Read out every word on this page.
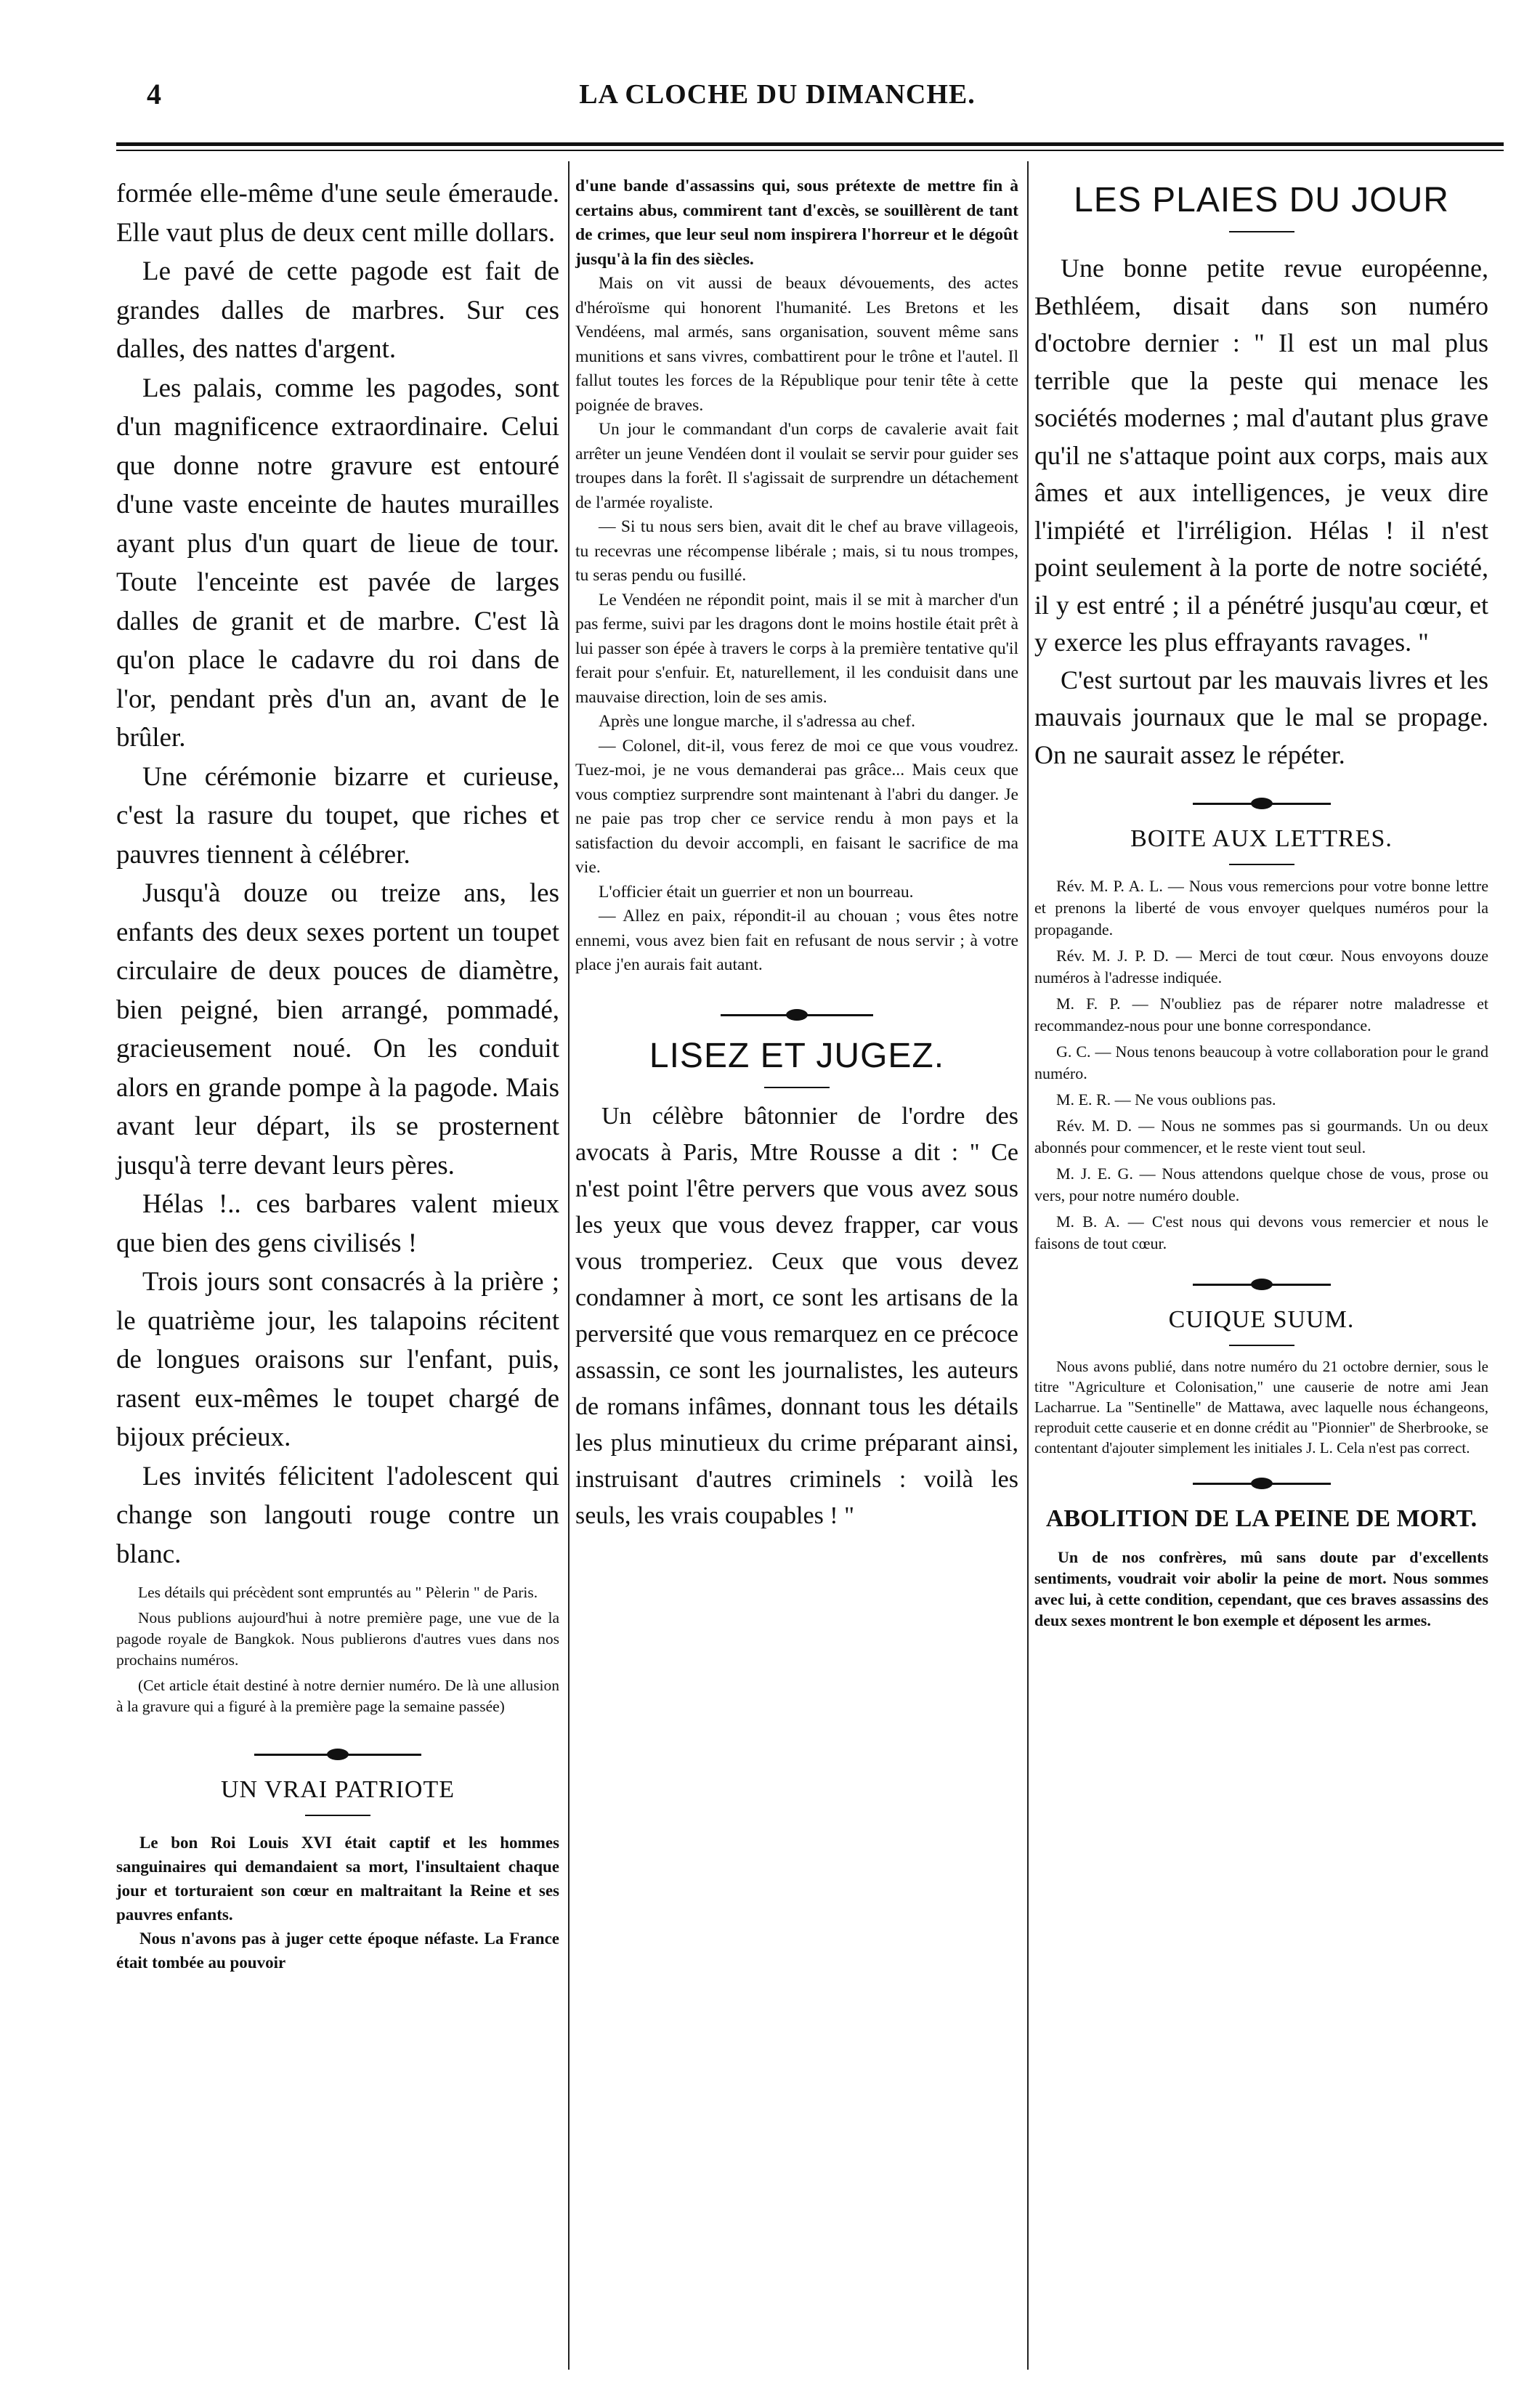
4	LA CLOCHE DU DIMANCHE.

formée elle-même d'une seule émeraude. Elle vaut plus de deux cent mille dollars.

Le pavé de cette pagode est fait de grandes dalles de marbres. Sur ces dalles, des nattes d'argent.

Les palais, comme les pagodes, sont d'un magnificence extraordinaire. Celui que donne notre gravure est entouré d'une vaste enceinte de hautes murailles ayant plus d'un quart de lieue de tour. Toute l'enceinte est pavée de larges dalles de granit et de marbre. C'est là qu'on place le cadavre du roi dans de l'or, pendant près d'un an, avant de le brûler.

Une cérémonie bizarre et curieuse, c'est la rasure du toupet, que riches et pauvres tiennent à célébrer.

Jusqu'à douze ou treize ans, les enfants des deux sexes portent un toupet circulaire de deux pouces de diamètre, bien peigné, bien arrangé, pommadé, gracieusement noué. On les conduit alors en grande pompe à la pagode. Mais avant leur départ, ils se prosternent jusqu'à terre devant leurs pères.

Hélas !.. ces barbares valent mieux que bien des gens civilisés !

Trois jours sont consacrés à la prière ; le quatrième jour, les talapoins récitent de longues oraisons sur l'enfant, puis, rasent eux-mêmes le toupet chargé de bijoux précieux.

Les invités félicitent l'adolescent qui change son langouti rouge contre un blanc.

Les détails qui précèdent sont empruntés au " Pèlerin " de Paris.

Nous publions aujourd'hui à notre première page, une vue de la pagode royale de Bangkok. Nous publierons d'autres vues dans nos prochains numéros.

(Cet article était destiné à notre dernier numéro. De là une allusion à la gravure qui a figuré à la première page la semaine passée)

UN VRAI PATRIOTE

Le bon Roi Louis XVI était captif et les hommes sanguinaires qui demandaient sa mort, l'insultaient chaque jour et torturaient son cœur en maltraitant la Reine et ses pauvres enfants.

Nous n'avons pas à juger cette époque néfaste. La France était tombée au pouvoir

d'une bande d'assassins qui, sous prétexte de mettre fin à certains abus, commirent tant d'excès, se souillèrent de tant de crimes, que leur seul nom inspirera l'horreur et le dégoût jusqu'à la fin des siècles.

Mais on vit aussi de beaux dévouements, des actes d'héroïsme qui honorent l'humanité. Les Bretons et les Vendéens, mal armés, sans organisation, souvent même sans munitions et sans vivres, combattirent pour le trône et l'autel. Il fallut toutes les forces de la République pour tenir tête à cette poignée de braves.

Un jour le commandant d'un corps de cavalerie avait fait arrêter un jeune Vendéen dont il voulait se servir pour guider ses troupes dans la forêt. Il s'agissait de surprendre un détachement de l'armée royaliste.

— Si tu nous sers bien, avait dit le chef au brave villageois, tu recevras une récompense libérale ; mais, si tu nous trompes, tu seras pendu ou fusillé.

Le Vendéen ne répondit point, mais il se mit à marcher d'un pas ferme, suivi par les dragons dont le moins hostile était prêt à lui passer son épée à travers le corps à la première tentative qu'il ferait pour s'enfuir. Et, naturellement, il les conduisit dans une mauvaise direction, loin de ses amis.

Après une longue marche, il s'adressa au chef.

— Colonel, dit-il, vous ferez de moi ce que vous voudrez. Tuez-moi, je ne vous demanderai pas grâce... Mais ceux que vous comptiez surprendre sont maintenant à l'abri du danger. Je ne paie pas trop cher ce service rendu à mon pays et la satisfaction du devoir accompli, en faisant le sacrifice de ma vie.

L'officier était un guerrier et non un bourreau.

— Allez en paix, répondit-il au chouan ; vous êtes notre ennemi, vous avez bien fait en refusant de nous servir ; à votre place j'en aurais fait autant.

LISEZ ET JUGEZ.

Un célèbre bâtonnier de l'ordre des avocats à Paris, Mtre Rousse a dit : " Ce n'est point l'être pervers que vous avez sous les yeux que vous devez frapper, car vous vous tromperiez. Ceux que vous devez condamner à mort, ce sont les artisans de la perversité que vous remarquez en ce précoce assassin, ce sont les journalistes, les auteurs de romans infâmes, donnant tous les détails les plus minutieux du crime préparant ainsi, instruisant d'autres criminels : voilà les seuls, les vrais coupables ! "

LES PLAIES DU JOUR

Une bonne petite revue européenne, Bethléem, disait dans son numéro d'octobre dernier : " Il est un mal plus terrible que la peste qui menace les sociétés modernes ; mal d'autant plus grave qu'il ne s'attaque point aux corps, mais aux âmes et aux intelligences, je veux dire l'impiété et l'irréligion. Hélas ! il n'est point seulement à la porte de notre société, il y est entré ; il a pénétré jusqu'au cœur, et y exerce les plus effrayants ravages. "

C'est surtout par les mauvais livres et les mauvais journaux que le mal se propage. On ne saurait assez le répéter.

BOITE AUX LETTRES.

Rév. M. P. A. L. — Nous vous remercions pour votre bonne lettre et prenons la liberté de vous envoyer quelques numéros pour la propagande.

Rév. M. J. P. D. — Merci de tout cœur. Nous envoyons douze numéros à l'adresse indiquée.

M. F. P. — N'oubliez pas de réparer notre maladresse et recommandez-nous pour une bonne correspondance.

G. C. — Nous tenons beaucoup à votre collaboration pour le grand numéro.

M. E. R. — Ne vous oublions pas.

Rév. M. D. — Nous ne sommes pas si gourmands. Un ou deux abonnés pour commencer, et le reste vient tout seul.

M. J. E. G. — Nous attendons quelque chose de vous, prose ou vers, pour notre numéro double.

M. B. A. — C'est nous qui devons vous remercier et nous le faisons de tout cœur.

CUIQUE SUUM.

Nous avons publié, dans notre numéro du 21 octobre dernier, sous le titre "Agriculture et Colonisation," une causerie de notre ami Jean Lacharrue. La "Sentinelle" de Mattawa, avec laquelle nous échangeons, reproduit cette causerie et en donne crédit au "Pionnier" de Sherbrooke, se contentant d'ajouter simplement les initiales J. L. Cela n'est pas correct.

ABOLITION DE LA PEINE DE MORT.

Un de nos confrères, mû sans doute par d'excellents sentiments, voudrait voir abolir la peine de mort. Nous sommes avec lui, à cette condition, cependant, que ces braves assassins des deux sexes montrent le bon exemple et déposent les armes.
